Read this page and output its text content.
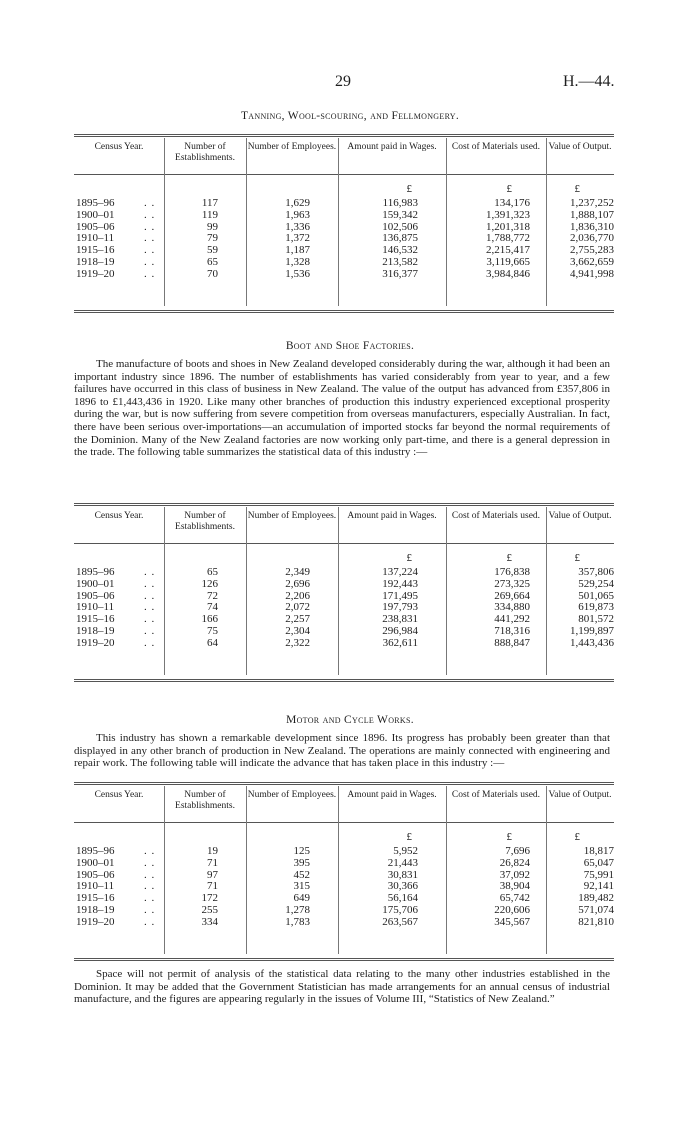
29	H.—44.
Tanning, Wool-scouring, and Fellmongery.
Census Year.	Number of Establishments.
Number of Employees.	Amount paid in Wages.	Cost of Materials used. Value of Output.
£	£	£
1895–96	. .	117	1,629	116,983	134,176	1,237,252
1900–01	. .	119	1,963	159,342	1,391,323	1,888,107
1905–06	. .	99	1,336	102,506	1,201,318	1,836,310
1910–11	. .	79	1,372	136,875	1,788,772	2,036,770
1915–16	. .	59	1,187	146,532	2,215,417	2,755,283
1918–19	. .	65	1,328	213,582	3,119,665	3,662,659
1919–20	. .	70	1,536	316,377	3,984,846	4,941,998
Boot and Shoe Factories.

The manufacture of boots and shoes in New Zealand developed considerably during the war, although it had been an important industry since 1896. The number of establishments has varied considerably from year to year, and a few failures have occurred in this class of business in New Zealand. The value of the output has advanced from £357,806 in 1896 to £1,443,436 in 1920. Like many other branches of production this industry experienced exceptional prosperity during the war, but is now suffering from severe competition from overseas manufacturers, especially Australian. In fact, there have been serious over-importations—an accumulation of imported stocks far beyond the normal requirements of the Dominion. Many of the New Zealand factories are now working only part-time, and there is a general depression in the trade. The following table summarizes the statistical data of this industry :—

Census Year.	Number of Establishments.
Number of Employees.	Amount paid in Wages.	Cost of Materials used. Value of Output.
£	£	£
1895–96	. .	65	2,349	137,224	176,838	357,806
1900–01	. .	126	2,696	192,443	273,325	529,254
1905–06	. .	72	2,206	171,495	269,664	501,065
1910–11	. .	74	2,072	197,793	334,880	619,873
1915–16	. .	166	2,257	238,831	441,292	801,572
1918–19	. .	75	2,304	296,984	718,316	1,199,897
1919–20	. .	64	2,322	362,611	888,847	1,443,436
Motor and Cycle Works.

This industry has shown a remarkable development since 1896. Its progress has probably been greater than that displayed in any other branch of production in New Zealand. The operations are mainly connected with engineering and repair work. The following table will indicate the advance that has taken place in this industry :—

Census Year.	Number of Establishments.
Number of Employees.	Amount paid in Wages.	Cost of Materials used. Value of Output.
£	£	£
1895–96	. .	19	125	5,952	7,696	18,817
1900–01	. .	71	395	21,443	26,824	65,047
1905–06	. .	97	452	30,831	37,092	75,991
1910–11	. .	71	315	30,366	38,904	92,141
1915–16	. .	172	649	56,164	65,742	189,482
1918–19	. .	255	1,278	175,706	220,606	571,074
1919–20	. .	334	1,783	263,567	345,567	821,810

Space will not permit of analysis of the statistical data relating to the many other industries established in the Dominion. It may be added that the Government Statistician has made arrangements for an annual census of industrial manufacture, and the figures are appearing regularly in the issues of Volume III, “Statistics of New Zealand.”
